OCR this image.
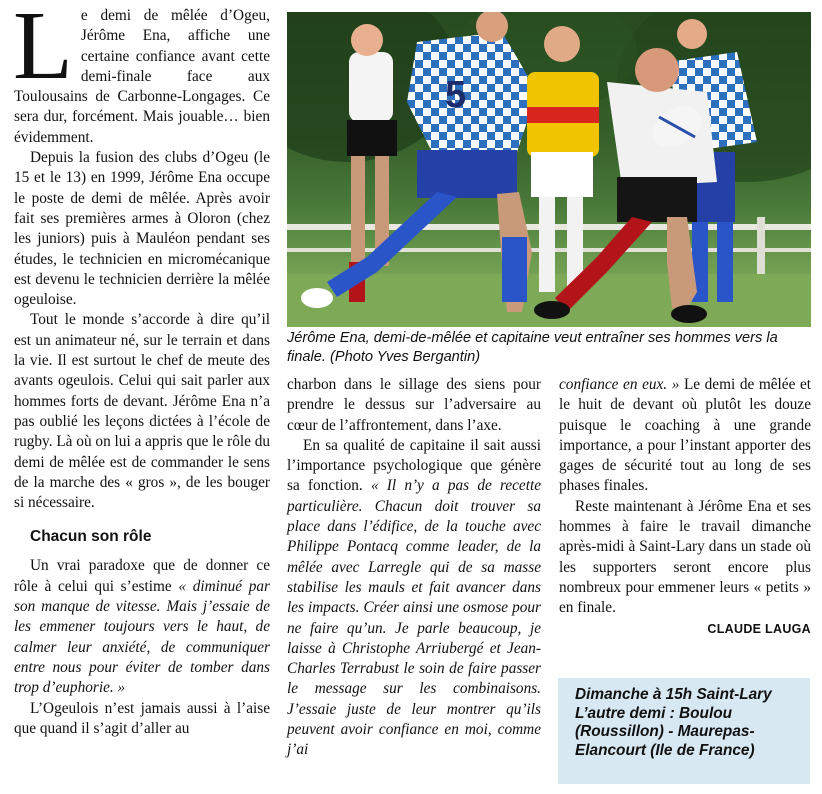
L e demi de mêlée d’Ogeu, Jérôme Ena, affiche une certaine confiance avant cette demi-finale face aux Toulousains de Carbonne-Longages. Ce sera dur, forcément. Mais jouable… bien évidemment.

Depuis la fusion des clubs d’Ogeu (le 15 et le 13) en 1999, Jérôme Ena occupe le poste de demi de mêlée. Après avoir fait ses premières armes à Oloron (chez les juniors) puis à Mauléon pendant ses études, le technicien en micromécanique est devenu le technicien derrière la mêlée ogeuloise.

Tout le monde s’accorde à dire qu’il est un animateur né, sur le terrain et dans la vie. Il est surtout le chef de meute des avants ogeulois. Celui qui sait parler aux hommes forts de devant. Jérôme Ena n’a pas oublié les leçons dictées à l’école de rugby. Là où on lui a appris que le rôle du demi de mêlée est de commander le sens de la marche des « gros », de les bouger si nécessaire.

Chacun son rôle

Un vrai paradoxe que de donner ce rôle à celui qui s’estime « diminué par son manque de vitesse. Mais j’essaie de les emmener toujours vers le haut, de calmer leur anxiété, de communiquer entre nous pour éviter de tomber dans trop d’euphorie. »

L’Ogeulois n’est jamais aussi à l’aise que quand il s’agit d’aller au

5

Jérôme Ena, demi-de-mêlée et capitaine veut entraîner ses hommes vers la finale. (Photo Yves Bergantin)

charbon dans le sillage des siens pour prendre le dessus sur l’adversaire au cœur de l’affrontement, dans l’axe.

En sa qualité de capitaine il sait aussi l’importance psychologique que génère sa fonction. « Il n’y a pas de recette particulière. Chacun doit trouver sa place dans l’édifice, de la touche avec Philippe Pontacq comme leader, de la mêlée avec Larregle qui de sa masse stabilise les mauls et fait avancer dans les impacts. Créer ainsi une osmose pour ne faire qu’un. Je parle beaucoup, je laisse à Christophe Arriubergé et Jean-Charles Terrabust le soin de faire passer le message sur les combinaisons. J’essaie juste de leur montrer qu’ils peuvent avoir confiance en moi, comme j’ai

confiance en eux. » Le demi de mêlée et le huit de devant où plutôt les douze puisque le coaching à une grande importance, a pour l’instant apporter des gages de sécurité tout au long de ses phases finales.

Reste maintenant à Jérôme Ena et ses hommes à faire le travail dimanche après-midi à Saint-Lary dans un stade où les supporters seront encore plus nombreux pour emmener leurs « petits » en finale.

CLAUDE LAUGA

Dimanche à 15h Saint-Lary

L’autre demi : Boulou (Roussillon) - Maurepas-Elancourt (Ile de France)
